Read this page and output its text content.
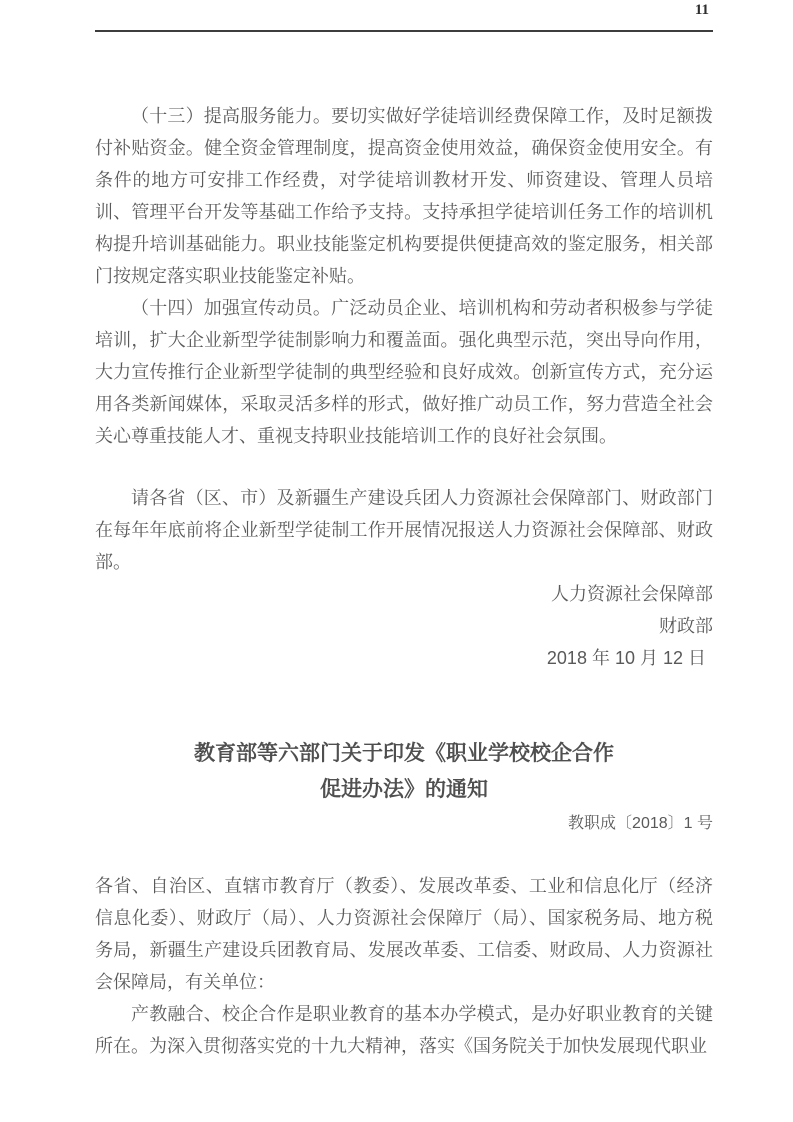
11

（十三）提高服务能力。要切实做好学徒培训经费保障工作，及时足额拨付补贴资金。健全资金管理制度，提高资金使用效益，确保资金使用安全。有条件的地方可安排工作经费，对学徒培训教材开发、师资建设、管理人员培训、管理平台开发等基础工作给予支持。支持承担学徒培训任务工作的培训机构提升培训基础能力。职业技能鉴定机构要提供便捷高效的鉴定服务，相关部门按规定落实职业技能鉴定补贴。

（十四）加强宣传动员。广泛动员企业、培训机构和劳动者积极参与学徒培训，扩大企业新型学徒制影响力和覆盖面。强化典型示范，突出导向作用，大力宣传推行企业新型学徒制的典型经验和良好成效。创新宣传方式，充分运用各类新闻媒体，采取灵活多样的形式，做好推广动员工作，努力营造全社会关心尊重技能人才、重视支持职业技能培训工作的良好社会氛围。

请各省（区、市）及新疆生产建设兵团人力资源社会保障部门、财政部门在每年年底前将企业新型学徒制工作开展情况报送人力资源社会保障部、财政部。

人力资源社会保障部
财政部
2018 年 10 月 12 日
教育部等六部门关于印发《职业学校校企合作
促进办法》的通知
教职成〔2018〕1 号

各省、自治区、直辖市教育厅（教委）、发展改革委、工业和信息化厅（经济信息化委）、财政厅（局）、人力资源社会保障厅（局）、国家税务局、地方税务局，新疆生产建设兵团教育局、发展改革委、工信委、财政局、人力资源社会保障局，有关单位：

产教融合、校企合作是职业教育的基本办学模式，是办好职业教育的关键所在。为深入贯彻落实党的十九大精神，落实《国务院关于加快发展现代职业
